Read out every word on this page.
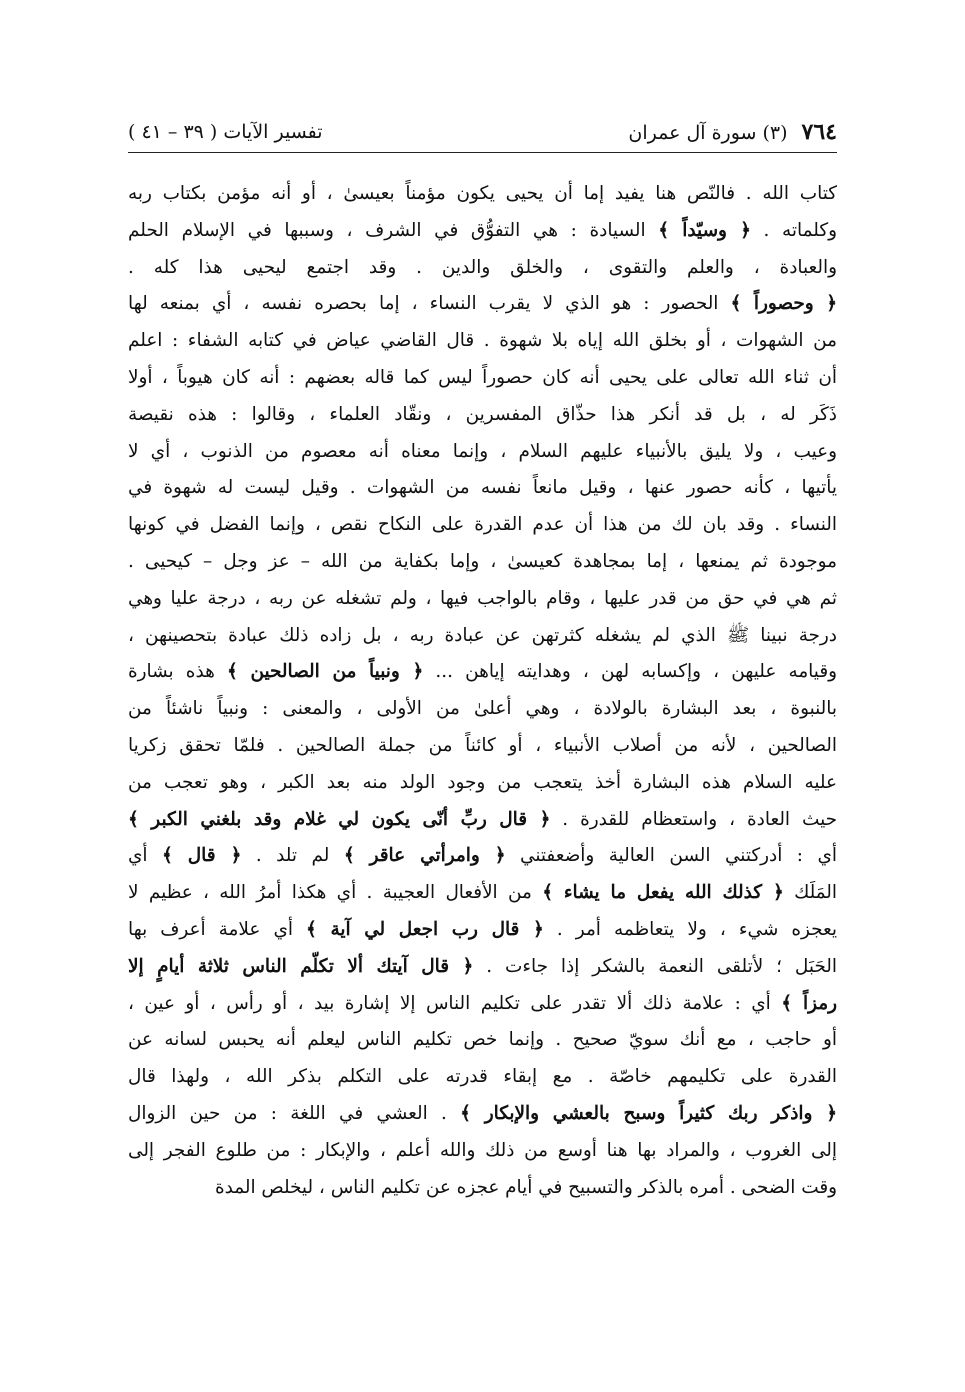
٧٦٤
(٣) سورة آل عمران
تفسير الآيات ( ٣٩ – ٤١ )
كتاب الله . فالنّص هنا يفيد إما أن يحيى يكون مؤمناً بعيسىٰ ، أو أنه مؤمن بكتاب ربه
وكلماته . ﴿ وسيّداً ﴾ السيادة : هي التفوُّق في الشرف ، وسببها في الإسلام الحلم
والعبادة ، والعلم والتقوى ، والخلق والدين . وقد اجتمع ليحيى هذا كله .
﴿ وحصوراً ﴾ الحصور : هو الذي لا يقرب النساء ، إما بحصره نفسه ، أي بمنعه لها
من الشهوات ، أو بخلق الله إياه بلا شهوة . قال القاضي عياض في كتابه الشفاء : اعلم
أن ثناء الله تعالى على يحيى أنه كان حصوراً ليس كما قاله بعضهم : أنه كان هيوباً ، أولا
ذَكَر له ، بل قد أنكر هذا حذّاق المفسرين ، ونقّاد العلماء ، وقالوا : هذه نقيصة
وعيب ، ولا يليق بالأنبياء عليهم السلام ، وإنما معناه أنه معصوم من الذنوب ، أي لا
يأتيها ، كأنه حصور عنها ، وقيل مانعاً نفسه من الشهوات . وقيل ليست له شهوة في
النساء . وقد بان لك من هذا أن عدم القدرة على النكاح نقص ، وإنما الفضل في كونها
موجودة ثم يمنعها ، إما بمجاهدة كعيسىٰ ، وإما بكفاية من الله – عز وجل – كيحيى .
ثم هي في حق من قدر عليها ، وقام بالواجب فيها ، ولم تشغله عن ربه ، درجة عليا وهي
درجة نبينا ﷺ الذي لم يشغله كثرتهن عن عبادة ربه ، بل زاده ذلك عبادة بتحصينهن ،
وقيامه عليهن ، وإكسابه لهن ، وهدايته إياهن ... ﴿ ونبياً من الصالحين ﴾ هذه بشارة
بالنبوة ، بعد البشارة بالولادة ، وهي أعلىٰ من الأولى ، والمعنى : ونبياً ناشئاً من
الصالحين ، لأنه من أصلاب الأنبياء ، أو كائناً من جملة الصالحين . فلمّا تحقق زكريا
عليه السلام هذه البشارة أخذ يتعجب من وجود الولد منه بعد الكبر ، وهو تعجب من
حيث العادة ، واستعظام للقدرة . ﴿ قال ربِّ أنّى يكون لي غلام وقد بلغني الكبر ﴾
أي : أدركتني السن العالية وأضعفتني ﴿ وامرأتي عاقر ﴾ لم تلد . ﴿ قال ﴾ أي
المَلَك ﴿ كذلك الله يفعل ما يشاء ﴾ من الأفعال العجيبة . أي هكذا أمرُ الله ، عظيم لا
يعجزه شيء ، ولا يتعاظمه أمر . ﴿ قال رب اجعل لي آية ﴾ أي علامة أعرف بها
الحَبَل ؛ لأتلقى النعمة بالشكر إذا جاءت . ﴿ قال آيتك ألا تكلّم الناس ثلاثة أيامٍ إلا
رمزاً ﴾ أي : علامة ذلك ألا تقدر على تكليم الناس إلا إشارة بيد ، أو رأس ، أو عين ،
أو حاجب ، مع أنك سويّ صحيح . وإنما خص تكليم الناس ليعلم أنه يحبس لسانه عن
القدرة على تكليمهم خاصّة . مع إبقاء قدرته على التكلم بذكر الله ، ولهذا قال
﴿ واذكر ربك كثيراً وسبح بالعشي والإبكار ﴾ . العشي في اللغة : من حين الزوال
إلى الغروب ، والمراد بها هنا أوسع من ذلك والله أعلم ، والإبكار : من طلوع الفجر إلى
وقت الضحى . أمره بالذكر والتسبيح في أيام عجزه عن تكليم الناس ، ليخلص المدة
